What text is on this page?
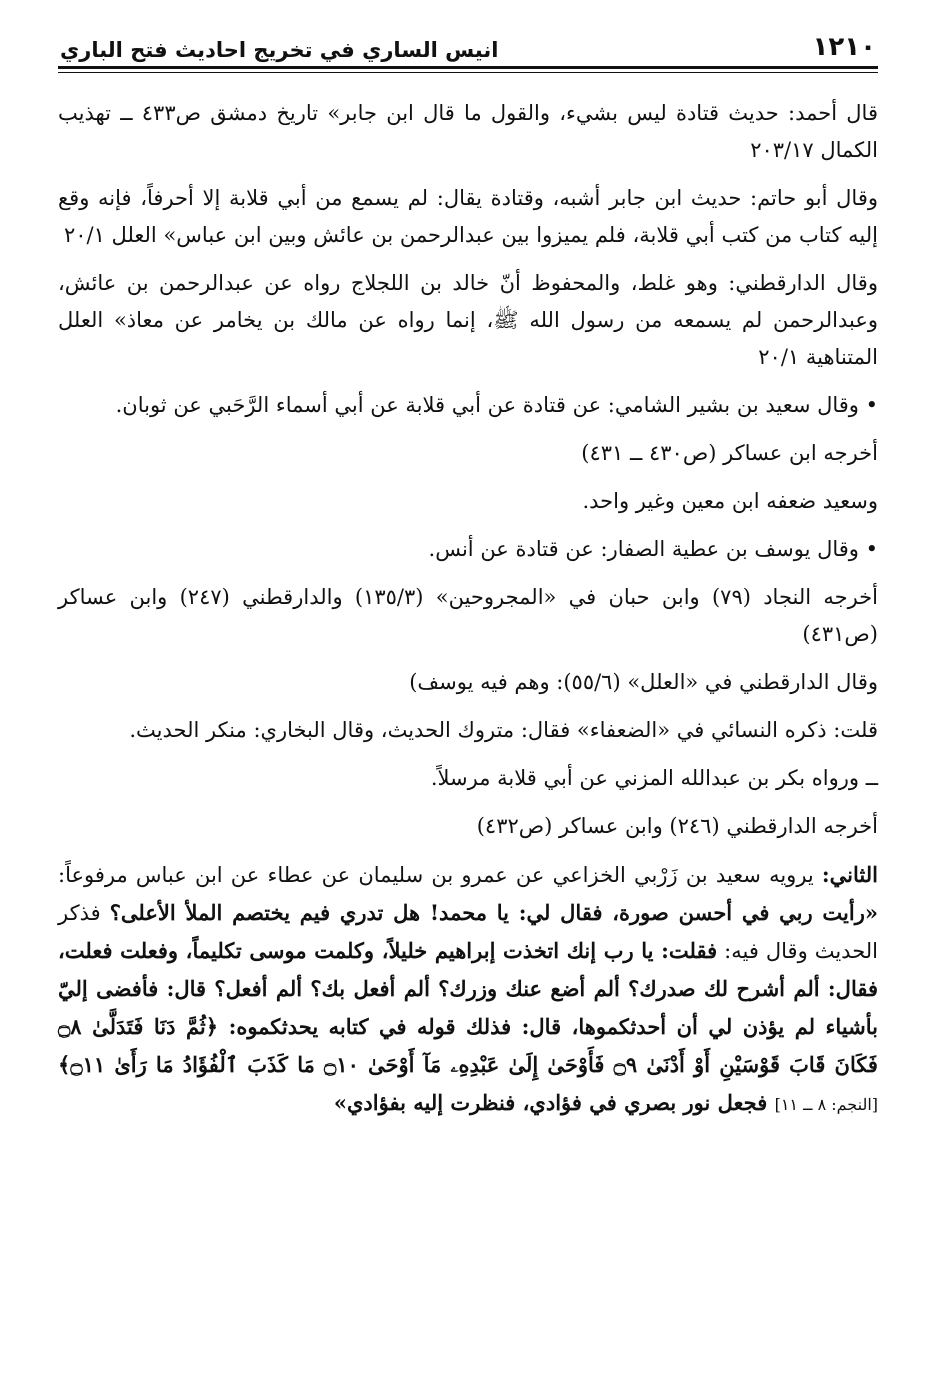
١٢١٠
انيس الساري في تخريج احاديث فتح الباري

قال أحمد: حديث قتادة ليس بشيء، والقول ما قال ابن جابر» تاريخ دمشق ص٤٣٣ ــ تهذيب الكمال ٢٠٣/١٧

وقال أبو حاتم: حديث ابن جابر أشبه، وقتادة يقال: لم يسمع من أبي قلابة إلا أحرفاً، فإنه وقع إليه كتاب من كتب أبي قلابة، فلم يميزوا بين عبدالرحمن بن عائش وبين ابن عباس» العلل ٢٠/١

وقال الدارقطني: وهو غلط، والمحفوظ أنّ خالد بن اللجلاج رواه عن عبدالرحمن بن عائش، وعبدالرحمن لم يسمعه من رسول الله ﷺ، إنما رواه عن مالك بن يخامر عن معاذ» العلل المتناهية ٢٠/١

• وقال سعيد بن بشير الشامي: عن قتادة عن أبي قلابة عن أبي أسماء الرَّحَبي عن ثوبان.

أخرجه ابن عساكر (ص٤٣٠ ــ ٤٣١)

وسعيد ضعفه ابن معين وغير واحد.

• وقال يوسف بن عطية الصفار: عن قتادة عن أنس.

أخرجه النجاد (٧٩) وابن حبان في «المجروحين» (١٣٥/٣) والدارقطني (٢٤٧) وابن عساكر (ص٤٣١)

وقال الدارقطني في «العلل» (٥٥/٦): وهم فيه يوسف)

قلت: ذكره النسائي في «الضعفاء» فقال: متروك الحديث، وقال البخاري: منكر الحديث.

ــ ورواه بكر بن عبدالله المزني عن أبي قلابة مرسلاً.

أخرجه الدارقطني (٢٤٦) وابن عساكر (ص٤٣٢)

الثاني: يرويه سعيد بن زَرْبي الخزاعي عن عمرو بن سليمان عن عطاء عن ابن عباس مرفوعاً: «رأيت ربي في أحسن صورة، فقال لي: يا محمد! هل تدري فيم يختصم الملأ الأعلى؟ فذكر الحديث وقال فيه: فقلت: يا رب إنك اتخذت إبراهيم خليلاً، وكلمت موسى تكليماً، وفعلت فعلت، فقال: ألم أشرح لك صدرك؟ ألم أضع عنك وزرك؟ ألم أفعل بك؟ ألم أفعل؟ قال: فأفضى إليّ بأشياء لم يؤذن لي أن أحدثكموها، قال: فذلك قوله في كتابه يحدثكموه: ﴿ثُمَّ دَنَا فَتَدَلَّىٰ ۝٨ فَكَانَ قَابَ قَوْسَيْنِ أَوْ أَدْنَىٰ ۝٩ فَأَوْحَىٰ إِلَىٰ عَبْدِهِۦ مَآ أَوْحَىٰ ۝١٠ مَا كَذَبَ ٱلْفُؤَادُ مَا رَأَىٰ ۝١١﴾ [النجم: ٨ ــ ١١] فجعل نور بصري في فؤادي، فنظرت إليه بفؤادي»
